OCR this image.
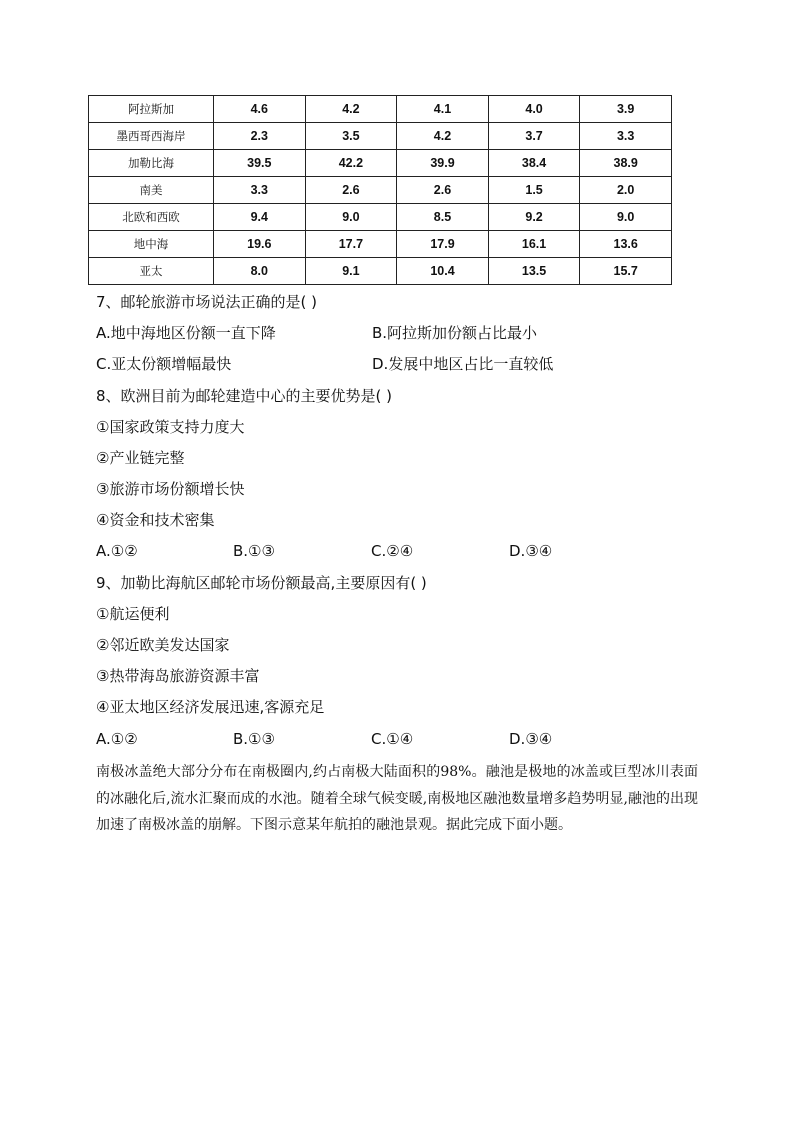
阿拉斯加	4.6	4.2	4.1	4.0	3.9
墨西哥西海岸	2.3	3.5	4.2	3.7	3.3
加勒比海	39.5	42.2	39.9	38.4	38.9
南美	3.3	2.6	2.6	1.5	2.0
北欧和西欧	9.4	9.0	8.5	9.2	9.0
地中海	19.6	17.7	17.9	16.1	13.6
亚太	8.0	9.1	10.4	13.5	15.7
7、邮轮旅游市场说法正确的是( )
A.地中海地区份额一直下降	B.阿拉斯加份额占比最小
C.亚太份额增幅最快	D.发展中地区占比一直较低
8、欧洲目前为邮轮建造中心的主要优势是( )
①国家政策支持力度大
②产业链完整
③旅游市场份额增长快
④资金和技术密集
A.①②	B.①③	C.②④	D.③④
9、加勒比海航区邮轮市场份额最高,主要原因有( )
①航运便利
②邻近欧美发达国家
③热带海岛旅游资源丰富
④亚太地区经济发展迅速,客源充足
A.①②	B.①③	C.①④	D.③④
南极冰盖绝大部分分布在南极圈内,约占南极大陆面积的98%。融池是极地的冰盖或巨型冰川表面的冰融化后,流水汇聚而成的水池。随着全球气候变暖,南极地区融池数量增多趋势明显,融池的出现加速了南极冰盖的崩解。下图示意某年航拍的融池景观。据此完成下面小题。
